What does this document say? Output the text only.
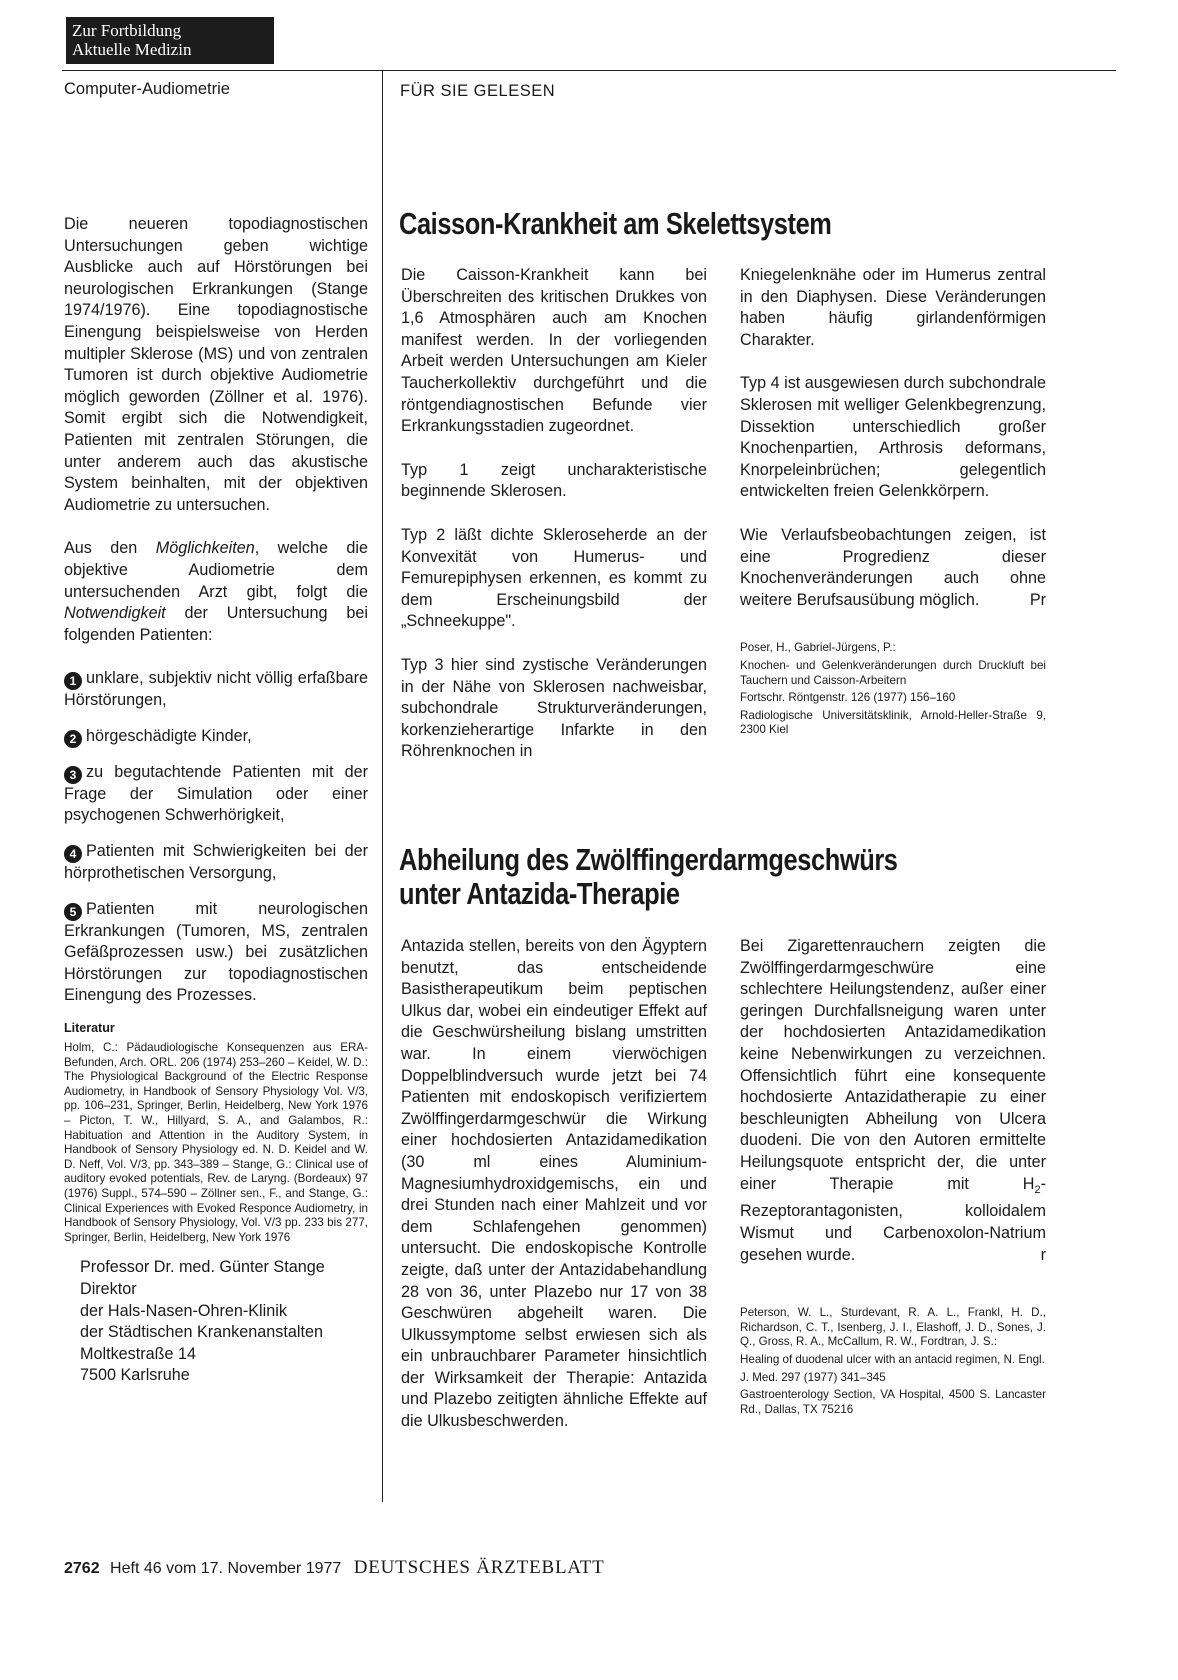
Zur Fortbildung
Aktuelle Medizin
Computer-Audiometrie	FÜR SIE GELESEN

Die neueren topodiagnostischen Untersuchungen geben wichtige Ausblicke auch auf Hörstörungen bei neurologischen Erkrankungen (Stange 1974/1976). Eine topodiagnostische Einengung beispielsweise von Herden multipler Sklerose (MS) und von zentralen Tumoren ist durch objektive Audiometrie möglich geworden (Zöllner et al. 1976). Somit ergibt sich die Notwendigkeit, Patienten mit zentralen Störungen, die unter anderem auch das akustische System beinhalten, mit der objektiven Audiometrie zu untersuchen.

Aus den Möglichkeiten, welche die objektive Audiometrie dem untersuchenden Arzt gibt, folgt die Notwendigkeit der Untersuchung bei folgenden Patienten:

1 unklare, subjektiv nicht völlig erfaßbare Hörstörungen,

2 hörgeschädigte Kinder,

3 zu begutachtende Patienten mit der Frage der Simulation oder einer psychogenen Schwerhörigkeit,

4 Patienten mit Schwierigkeiten bei der hörprothetischen Versorgung,

5 Patienten mit neurologischen Erkrankungen (Tumoren, MS, zentralen Gefäßprozessen usw.) bei zusätzlichen Hörstörungen zur topodiagnostischen Einengung des Prozesses.

Literatur

Holm, C.: Pädaudiologische Konsequenzen aus ERA-Befunden, Arch. ORL. 206 (1974) 253–260 – Keidel, W. D.: The Physiological Background of the Electric Response Audiometry, in Handbook of Sensory Physiology Vol. V/3, pp. 106–231, Springer, Berlin, Heidelberg, New York 1976 – Picton, T. W., Hillyard, S. A., and Galambos, R.: Habituation and Attention in the Auditory System, in Handbook of Sensory Physiology ed. N. D. Keidel and W. D. Neff, Vol. V/3, pp. 343–389 – Stange, G.: Clinical use of auditory evoked potentials, Rev. de Laryng. (Bordeaux) 97 (1976) Suppl., 574–590 – Zöllner sen., F., and Stange, G.: Clinical Experiences with Evoked Responce Audiometry, in Handbook of Sensory Physiology, Vol. V/3 pp. 233 bis 277, Springer, Berlin, Heidelberg, New York 1976

Professor Dr. med. Günter Stange
Direktor
der Hals-Nasen-Ohren-Klinik
der Städtischen Krankenanstalten
Moltkestraße 14
7500 Karlsruhe
Caisson-Krankheit am Skelettsystem

Die Caisson-Krankheit kann bei Überschreiten des kritischen Drukkes von 1,6 Atmosphären auch am Knochen manifest werden. In der vorliegenden Arbeit werden Untersuchungen am Kieler Taucherkollektiv durchgeführt und die röntgendiagnostischen Befunde vier Erkrankungsstadien zugeordnet.

Typ 1 zeigt uncharakteristische beginnende Sklerosen.

Typ 2 läßt dichte Skleroseherde an der Konvexität von Humerus- und Femurepiphysen erkennen, es kommt zu dem Erscheinungsbild der „Schneekuppe".

Typ 3 hier sind zystische Veränderungen in der Nähe von Sklerosen nachweisbar, subchondrale Strukturveränderungen, korkenzieherartige Infarkte in den Röhrenknochen in

Kniegelenknähe oder im Humerus zentral in den Diaphysen. Diese Veränderungen haben häufig girlandenförmigen Charakter.

Typ 4 ist ausgewiesen durch subchondrale Sklerosen mit welliger Gelenkbegrenzung, Dissektion unterschiedlich großer Knochenpartien, Arthrosis deformans, Knorpeleinbrüchen; gelegentlich entwickelten freien Gelenkkörpern.

Wie Verlaufsbeobachtungen zeigen, ist eine Progredienz dieser Knochenveränderungen auch ohne weitere Berufsausübung möglich.	Pr

Poser, H., Gabriel-Jürgens, P.:

Knochen- und Gelenkveränderungen durch Druckluft bei Tauchern und Caisson-Arbeitern

Fortschr. Röntgenstr. 126 (1977) 156–160

Radiologische Universitätsklinik, Arnold-Heller-Straße 9, 2300 Kiel

Abheilung des Zwölffingerdarmgeschwürs
unter Antazida-Therapie

Antazida stellen, bereits von den Ägyptern benutzt, das entscheidende Basistherapeutikum beim peptischen Ulkus dar, wobei ein eindeutiger Effekt auf die Geschwürsheilung bislang umstritten war. In einem vierwöchigen Doppelblindversuch wurde jetzt bei 74 Patienten mit endoskopisch verifiziertem Zwölffingerdarmgeschwür die Wirkung einer hochdosierten Antazidamedikation (30 ml eines Aluminium-Magnesiumhydroxidgemischs, ein und drei Stunden nach einer Mahlzeit und vor dem Schlafengehen genommen) untersucht. Die endoskopische Kontrolle zeigte, daß unter der Antazidabehandlung 28 von 36, unter Plazebo nur 17 von 38 Geschwüren abgeheilt waren. Die Ulkussymptome selbst erwiesen sich als ein unbrauchbarer Parameter hinsichtlich der Wirksamkeit der Therapie: Antazida und Plazebo zeitigten ähnliche Effekte auf die Ulkusbeschwerden.

Bei Zigarettenrauchern zeigten die Zwölffingerdarmgeschwüre eine schlechtere Heilungstendenz, außer einer geringen Durchfallsneigung waren unter der hochdosierten Antazidamedikation keine Nebenwirkungen zu verzeichnen. Offensichtlich führt eine konsequente hochdosierte Antazidatherapie zu einer beschleunigten Abheilung von Ulcera duodeni. Die von den Autoren ermittelte Heilungsquote entspricht der, die unter einer Therapie mit $H_2$-Rezeptorantagonisten, kolloidalem Wismut und Carbenoxolon-Natrium gesehen wurde.	r

Peterson, W. L., Sturdevant, R. A. L., Frankl, H. D., Richardson, C. T., Isenberg, J. I., Elashoff, J. D., Sones, J. Q., Gross, R. A., McCallum, R. W., Fordtran, J. S.:

Healing of duodenal ulcer with an antacid regimen, N. Engl.

J. Med. 297 (1977) 341–345

Gastroenterology Section, VA Hospital, 4500 S. Lancaster Rd., Dallas, TX 75216

2762 Heft 46 vom 17. November 1977 DEUTSCHES ÄRZTEBLATT
